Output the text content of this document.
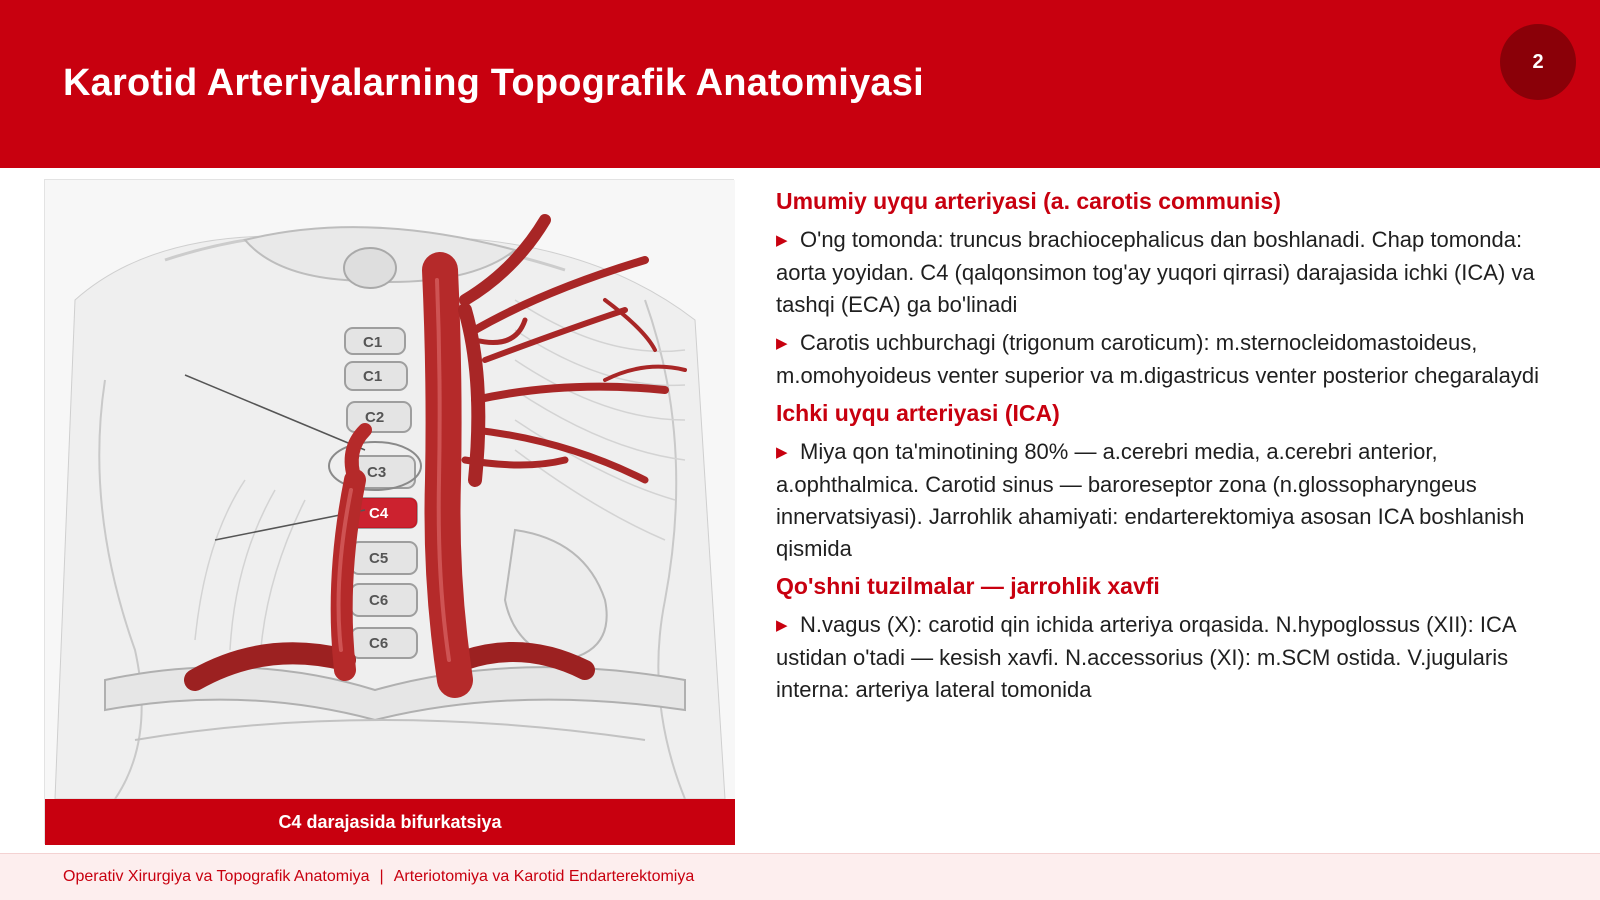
Karotid Arteriyalarning Topografik Anatomiyasi
2
C1
C1
C2
C3
C4
C5
C6
C6
C4 darajasida bifurkatsiya
Umumiy uyqu arteriyasi (a. carotis communis)
▶ O'ng tomonda: truncus brachiocephalicus dan boshlanadi. Chap tomonda: aorta yoyidan. C4 (qalqonsimon tog'ay yuqori qirrasi) darajasida ichki (ICA) va tashqi (ECA) ga bo'linadi
▶ Carotis uchburchagi (trigonum caroticum): m.sternocleidomastoideus, m.omohyoideus venter superior va m.digastricus venter posterior chegaralaydi
Ichki uyqu arteriyasi (ICA)
▶ Miya qon ta'minotining 80% — a.cerebri media, a.cerebri anterior, a.ophthalmica. Carotid sinus — baroreseptor zona (n.glossopharyngeus innervatsiyasi). Jarrohlik ahamiyati: endarterektomiya asosan ICA boshlanish qismida
Qo'shni tuzilmalar — jarrohlik xavfi
▶ N.vagus (X): carotid qin ichida arteriya orqasida. N.hypoglossus (XII): ICA ustidan o'tadi — kesish xavfi. N.accessorius (XI): m.SCM ostida. V.jugularis interna: arteriya lateral tomonida
Operativ Xirurgiya va Topografik Anatomiya | Arteriotomiya va Karotid Endarterektomiya
